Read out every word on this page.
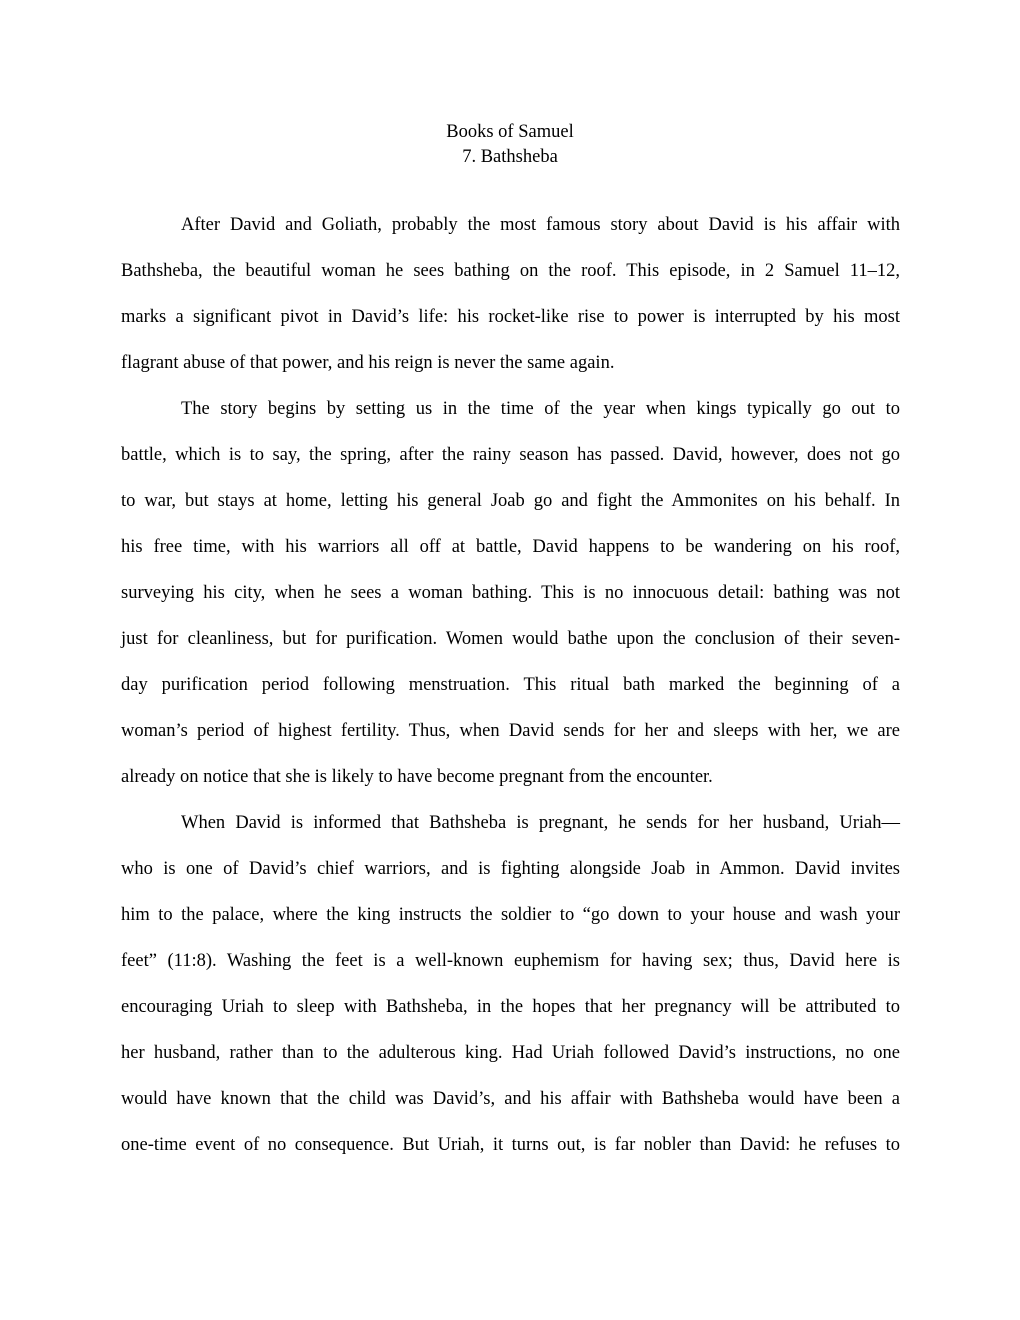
Books of Samuel
7. Bathsheba
After David and Goliath, probably the most famous story about David is his affair with
Bathsheba, the beautiful woman he sees bathing on the roof. This episode, in 2 Samuel 11–12,
marks a significant pivot in David’s life: his rocket-like rise to power is interrupted by his most
flagrant abuse of that power, and his reign is never the same again.
The story begins by setting us in the time of the year when kings typically go out to
battle, which is to say, the spring, after the rainy season has passed. David, however, does not go
to war, but stays at home, letting his general Joab go and fight the Ammonites on his behalf. In
his free time, with his warriors all off at battle, David happens to be wandering on his roof,
surveying his city, when he sees a woman bathing. This is no innocuous detail: bathing was not
just for cleanliness, but for purification. Women would bathe upon the conclusion of their seven-
day purification period following menstruation. This ritual bath marked the beginning of a
woman’s period of highest fertility. Thus, when David sends for her and sleeps with her, we are
already on notice that she is likely to have become pregnant from the encounter.
When David is informed that Bathsheba is pregnant, he sends for her husband, Uriah—
who is one of David’s chief warriors, and is fighting alongside Joab in Ammon. David invites
him to the palace, where the king instructs the soldier to “go down to your house and wash your
feet” (11:8). Washing the feet is a well-known euphemism for having sex; thus, David here is
encouraging Uriah to sleep with Bathsheba, in the hopes that her pregnancy will be attributed to
her husband, rather than to the adulterous king. Had Uriah followed David’s instructions, no one
would have known that the child was David’s, and his affair with Bathsheba would have been a
one-time event of no consequence. But Uriah, it turns out, is far nobler than David: he refuses to
